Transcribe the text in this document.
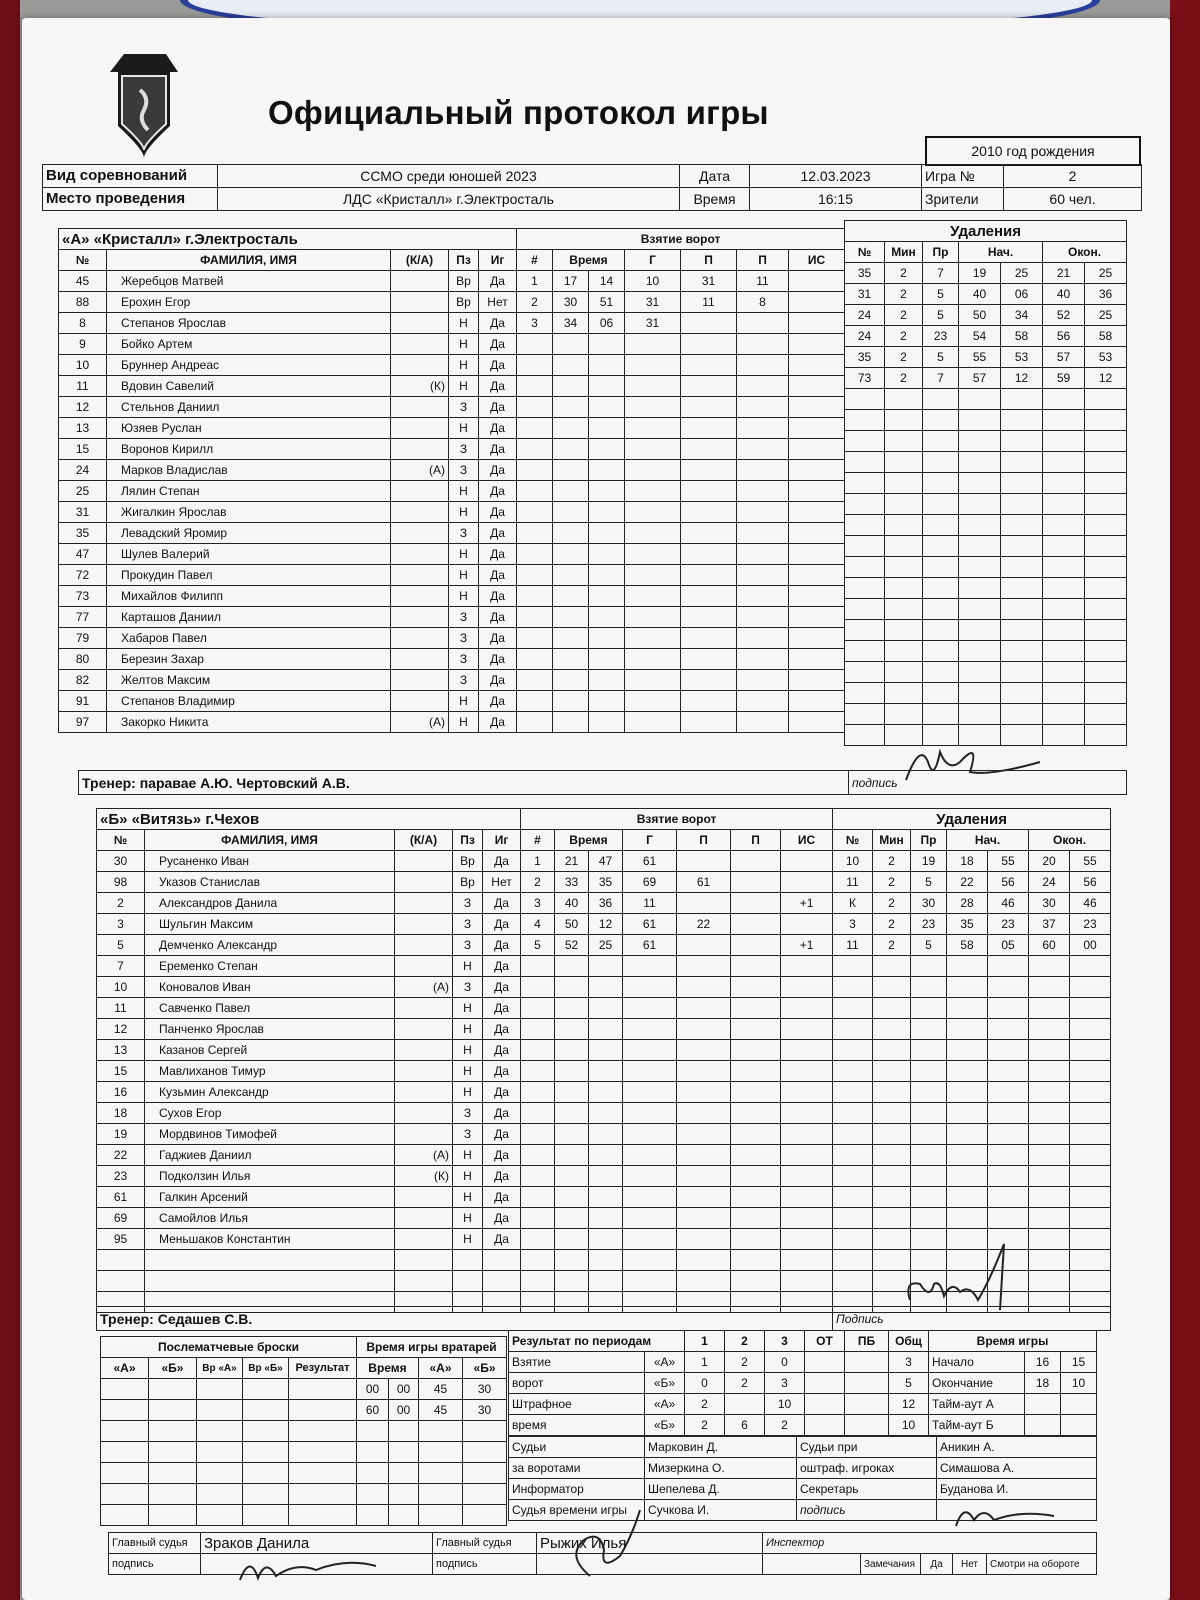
Официальный протокол игры
2010 год рождения
Вид соревнований	ССМО среди юношей 2023	Дата	12.03.2023	Игра №	2
Место проведения	ЛДС «Кристалл» г.Электросталь	Время	16:15	Зрители	60 чел.
«А» «Кристалл» г.Электросталь				
№	ФАМИЛИЯ, ИМЯ	(К/А)	Пз	Иг
45	Жеребцов Матвей		Вр	Да
88	Ерохин Егор		Вр	Нет
8	Степанов Ярослав		Н	Да
9	Бойко Артем		Н	Да
10	Бруннер Андреас		Н	Да
11	Вдовин Савелий	(К)	Н	Да
12	Стельнов Даниил		З	Да
13	Юзяев Руслан		Н	Да
15	Воронов Кирилл		З	Да
24	Марков Владислав	(А)	З	Да
25	Лялин Степан		Н	Да
31	Жигалкин Ярослав		Н	Да
35	Левадский Яромир		З	Да
47	Шулев Валерий		Н	Да
72	Прокудин Павел		Н	Да
73	Михайлов Филипп		Н	Да
77	Карташов Даниил		З	Да
79	Хабаров Павел		З	Да
80	Березин Захар		З	Да
82	Желтов Максим		З	Да
91	Степанов Владимир		Н	Да
97	Закорко Никита	(А)	Н	Да
Взятие ворот						
#	Время		Г	П	П	ИС
1	17	14	10	31	11	
2	30	51	31	11	8	
3	34	06	31			

Удаления						
№	Мин	Пр	Нач.		Окон.	
35	2	7	19	25	21	25
31	2	5	40	06	40	36
24	2	5	50	34	52	25
24	2	23	54	58	56	58
35	2	5	55	53	57	53
73	2	7	57	12	59	12

Тренер: паравае А.Ю. Чертовский А.В.	подпись
«Б» «Витязь» г.Чехов				
№	ФАМИЛИЯ, ИМЯ	(К/А)	Пз	Иг
30	Русаненко Иван		Вр	Да
98	Указов Станислав		Вр	Нет
2	Александров Данила		З	Да
3	Шульгин Максим		З	Да
5	Демченко Александр		З	Да
7	Еременко Степан		Н	Да
10	Коновалов Иван	(А)	З	Да
11	Савченко Павел		Н	Да
12	Панченко Ярослав		Н	Да
13	Казанов Сергей		Н	Да
15	Мавлиханов Тимур		Н	Да
16	Кузьмин Александр		Н	Да
18	Сухов Егор		З	Да
19	Мордвинов Тимофей		З	Да
22	Гаджиев Даниил	(А)	Н	Да
23	Подколзин Илья	(К)	Н	Да
61	Галкин Арсений		Н	Да
69	Самойлов Илья		Н	Да
95	Меньшаков Константин		Н	Да

Взятие ворот						
#	Время		Г	П	П	ИС
1	21	47	61			
2	33	35	69	61		
3	40	36	11			+1
4	50	12	61	22		
5	52	25	61			+1

Удаления						
№	Мин	Пр	Нач.		Окон.	
10	2	19	18	55	20	55
11	2	5	22	56	24	56
К	2	30	28	46	30	46
3	2	23	35	23	37	23
11	2	5	58	05	60	00

Тренер: Седашев С.В.	Подпись
Послематчевые броски				
«А»	«Б»	Вр «А»	Вр «Б»	Результат

Время игры вратарей			
Время		«А»	«Б»
00	00	45	30
60	00	45	30

Результат по периодам		1	2	3	ОТ	ПБ	Общ
Взятие	«А»	1	2	0			3
ворот	«Б»	0	2	3			5
Штрафное	«А»	2		10			12
время	«Б»	2	6	2			10
Время игры		
Начало	16	15
Окончание	18	10
Тайм-аут А		
Тайм-аут Б		
Судьи	Марковин Д.	Судьи при	Аникин А.
за воротами	Мизеркина О.	оштраф. игроках	Симашова А.
Информатор	Шепелева Д.	Секретарь	Буданова И.
Судья времени игры	Сучкова И.	подпись	
Главный судья	Зраков Данила	Главный судья	Рыжих Илья	Инспектор				
подпись		подпись			Замечания	Да	Нет	Смотри на обороте
